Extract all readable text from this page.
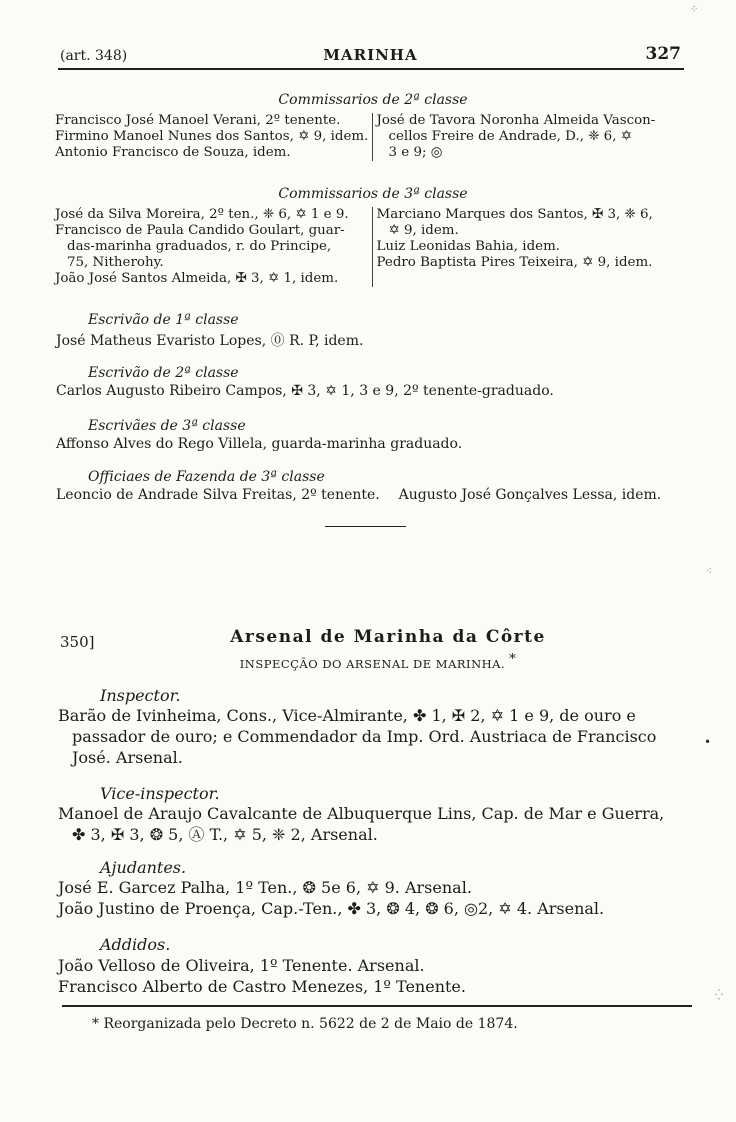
(art. 348)	MARINHA	327
Commissarios de 2ª classe
Francisco José Manoel Verani, 2º tenente.
Firmino Manoel Nunes dos Santos, ✡ 9, idem.
Antonio Francisco de Souza, idem.
José de Tavora Noronha Almeida Vascon-
cellos Freire de Andrade, D., ❈ 6, ✡
3 e 9; ◎
Commissarios de 3ª classe
José da Silva Moreira, 2º ten., ❈ 6, ✡ 1 e 9.
Francisco de Paula Candido Goulart, guar-
das-marinha graduados, r. do Principe,
75, Nitherohy.
João José Santos Almeida, ✠ 3, ✡ 1, idem.
Marciano Marques dos Santos, ✠ 3, ❈ 6,
✡ 9, idem.
Luiz Leonidas Bahia, idem.
Pedro Baptista Pires Teixeira, ✡ 9, idem.
Escrivão de 1ª classe
José Matheus Evaristo Lopes, ⓪ R. P, idem.
Escrivão de 2ª classe
Carlos Augusto Ribeiro Campos, ✠ 3, ✡ 1, 3 e 9, 2º tenente-graduado.
Escrivães de 3ª classe
Affonso Alves do Rego Villela, guarda-marinha graduado.
Officiaes de Fazenda de 3ª classe
Leoncio de Andrade Silva Freitas, 2º tenente. Augusto José Gonçalves Lessa, idem.
350]	Arsenal de Marinha da Côrte
INSPECÇÃO DO ARSENAL DE MARINHA. *
Inspector.
Barão de Ivinheima, Cons., Vice-Almirante, ✤ 1, ✠ 2, ✡ 1 e 9, de ouro e
passador de ouro; e Commendador da Imp. Ord. Austriaca de Francisco
José. Arsenal.
Vice-inspector.
Manoel de Araujo Cavalcante de Albuquerque Lins, Cap. de Mar e Guerra,
✤ 3, ✠ 3, ❂ 5, Ⓐ T., ✡ 5, ❈ 2, Arsenal.
Ajudantes.
José E. Garcez Palha, 1º Ten., ❂ 5e 6, ✡ 9. Arsenal.
João Justino de Proença, Cap.-Ten., ✤ 3, ❂ 4, ❂ 6, ◎2, ✡ 4. Arsenal.
Addidos.
João Velloso de Oliveira, 1º Tenente. Arsenal.
Francisco Alberto de Castro Menezes, 1º Tenente.
* Reorganizada pelo Decreto n. 5622 de 2 de Maio de 1874.
⁘
⁖
•
⁛
